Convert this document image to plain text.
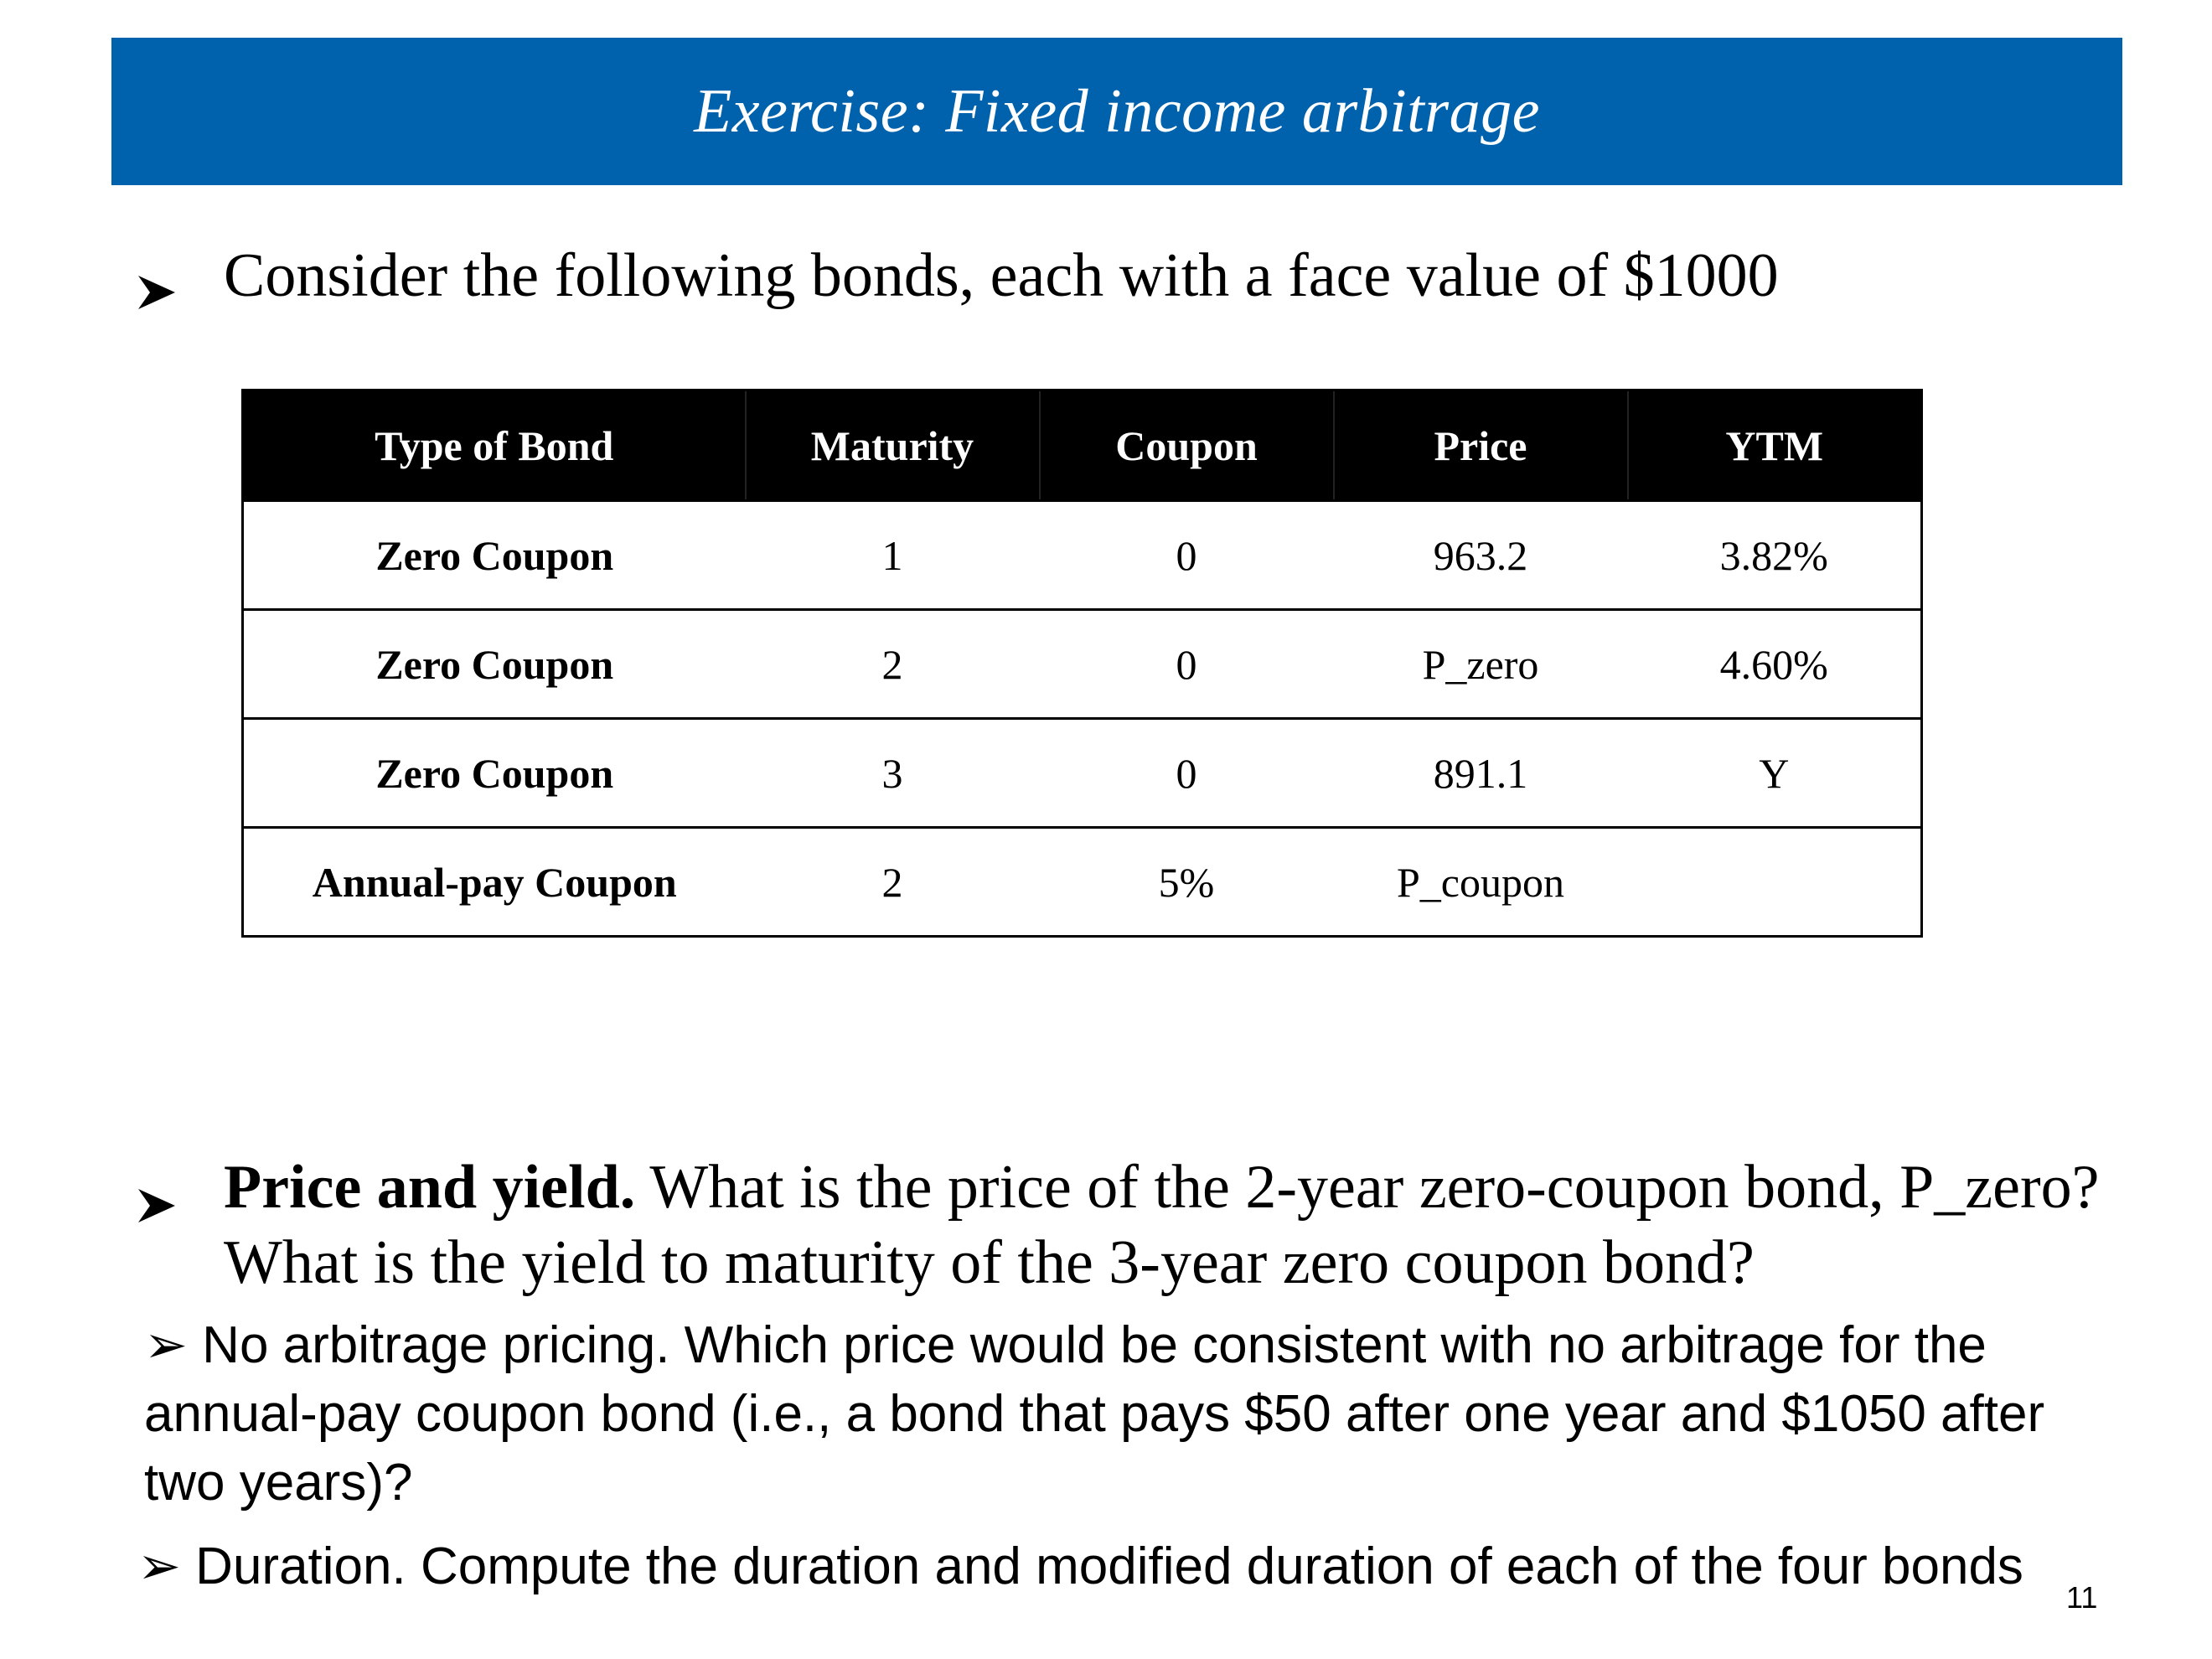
Exercise: Fixed income arbitrage
Consider the following bonds, each with a face value of $1000
Type of Bond	Maturity	Coupon	Price	YTM
Zero Coupon	1	0	963.2	3.82%
Zero Coupon	2	0	P_zero	4.60%
Zero Coupon	3	0	891.1	Y
Annual-pay Coupon	2	5%	P_coupon	
Price and yield. What is the price of the 2-year zero-coupon bond, P_zero? What is the yield to maturity of the 3-year zero coupon bond?
➢ No arbitrage pricing. Which price would be consistent with no arbitrage for the annual-pay coupon bond (i.e., a bond that pays $50 after one year and $1050 after two years)?
➢ Duration. Compute the duration and modified duration of each of the four bonds
11
